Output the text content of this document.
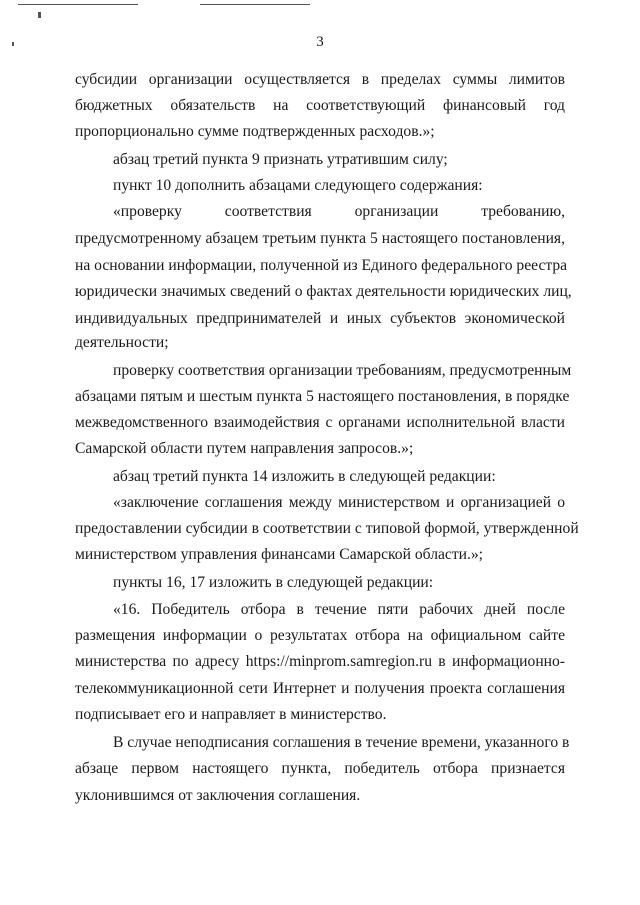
3
субсидии организации осуществляется в пределах суммы лимитов
бюджетных обязательств на соответствующий финансовый год
пропорционально сумме подтвержденных расходов.»;
абзац третий пункта 9 признать утратившим силу;
пункт 10 дополнить абзацами следующего содержания:
«проверку соответствия организации требованию,
предусмотренному абзацем третьим пункта 5 настоящего постановления,
на основании информации, полученной из Единого федерального реестра
юридически значимых сведений о фактах деятельности юридических лиц,
индивидуальных предпринимателей и иных субъектов экономической
деятельности;
проверку соответствия организации требованиям, предусмотренным
абзацами пятым и шестым пункта 5 настоящего постановления, в порядке
межведомственного взаимодействия с органами исполнительной власти
Самарской области путем направления запросов.»;
абзац третий пункта 14 изложить в следующей редакции:
«заключение соглашения между министерством и организацией о
предоставлении субсидии в соответствии с типовой формой, утвержденной
министерством управления финансами Самарской области.»;
пункты 16, 17 изложить в следующей редакции:
«16. Победитель отбора в течение пяти рабочих дней после
размещения информации о результатах отбора на официальном сайте
министерства по адресу https://minprom.samregion.ru в информационно-
телекоммуникационной сети Интернет и получения проекта соглашения
подписывает его и направляет в министерство.
В случае неподписания соглашения в течение времени, указанного в
абзаце первом настоящего пункта, победитель отбора признается
уклонившимся от заключения соглашения.
